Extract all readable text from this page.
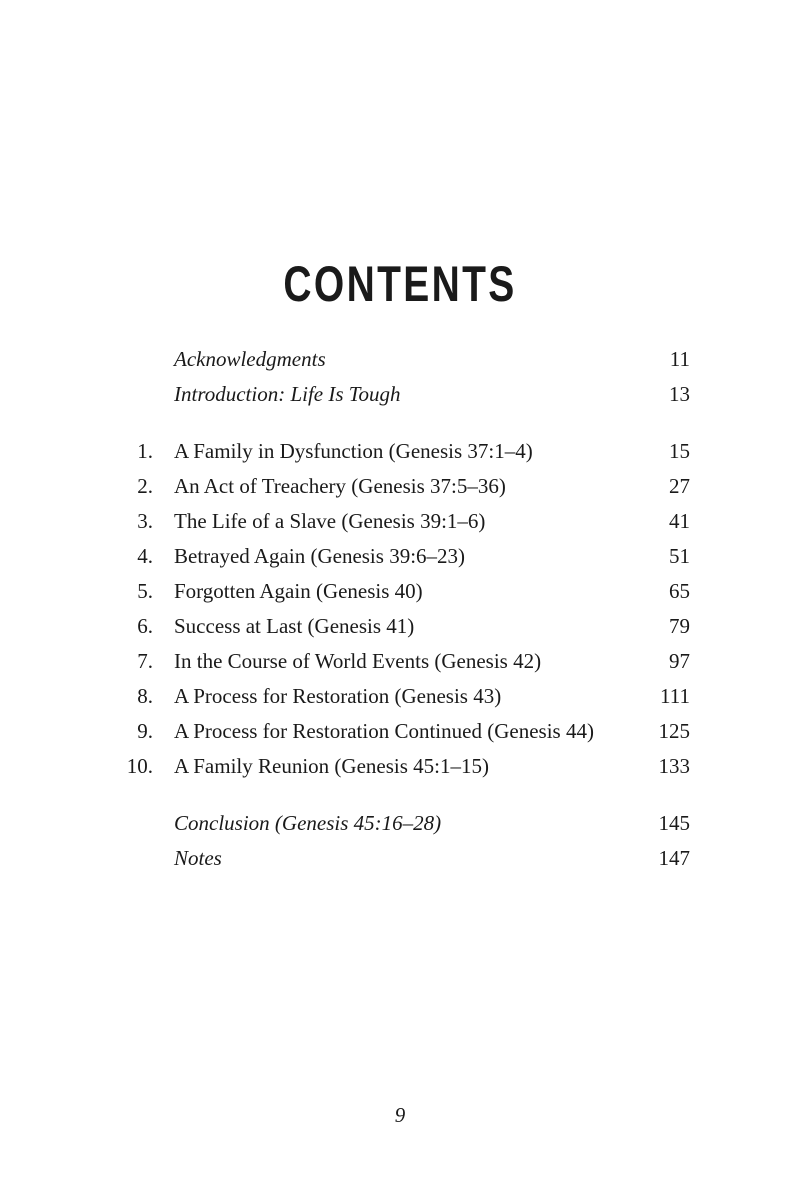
CONTENTS
Acknowledgments	11
Introduction: Life Is Tough	13
1. A Family in Dysfunction (Genesis 37:1–4)	15
2. An Act of Treachery (Genesis 37:5–36)	27
3. The Life of a Slave (Genesis 39:1–6)	41
4. Betrayed Again (Genesis 39:6–23)	51
5. Forgotten Again (Genesis 40)	65
6. Success at Last (Genesis 41)	79
7. In the Course of World Events (Genesis 42)	97
8. A Process for Restoration (Genesis 43)	111
9. A Process for Restoration Continued (Genesis 44)	125
10. A Family Reunion (Genesis 45:1–15)	133
Conclusion (Genesis 45:16–28)	145
Notes	147
9
